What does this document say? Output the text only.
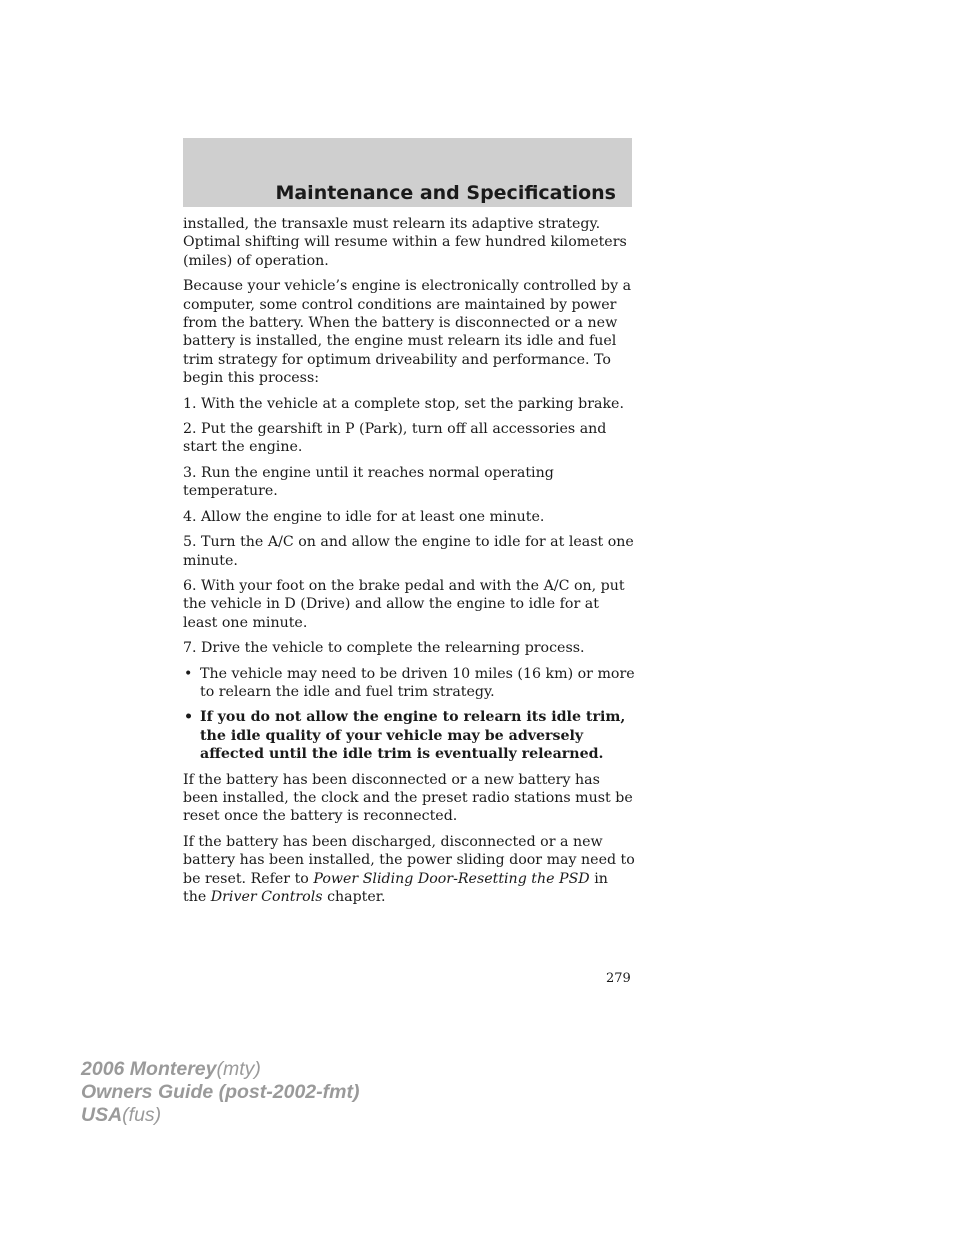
Maintenance and Specifications

installed, the transaxle must relearn its adaptive strategy. Optimal shifting will resume within a few hundred kilometers (miles) of operation.

Because your vehicle’s engine is electronically controlled by a computer, some control conditions are maintained by power from the battery. When the battery is disconnected or a new battery is installed, the engine must relearn its idle and fuel trim strategy for optimum driveability and performance. To begin this process:

1. With the vehicle at a complete stop, set the parking brake.

2. Put the gearshift in P (Park), turn off all accessories and start the engine.

3. Run the engine until it reaches normal operating temperature.

4. Allow the engine to idle for at least one minute.

5. Turn the A/C on and allow the engine to idle for at least one minute.

6. With your foot on the brake pedal and with the A/C on, put the vehicle in D (Drive) and allow the engine to idle for at least one minute.

7. Drive the vehicle to complete the relearning process.

• The vehicle may need to be driven 10 miles (16 km) or more to relearn the idle and fuel trim strategy.
• If you do not allow the engine to relearn its idle trim, the idle quality of your vehicle may be adversely affected until the idle trim is eventually relearned.

If the battery has been disconnected or a new battery has been installed, the clock and the preset radio stations must be reset once the battery is reconnected.

If the battery has been discharged, disconnected or a new battery has been installed, the power sliding door may need to be reset. Refer to Power Sliding Door-Resetting the PSD in the Driver Controls chapter.

279
2006 Monterey(mty)
Owners Guide (post-2002-fmt)
USA(fus)
